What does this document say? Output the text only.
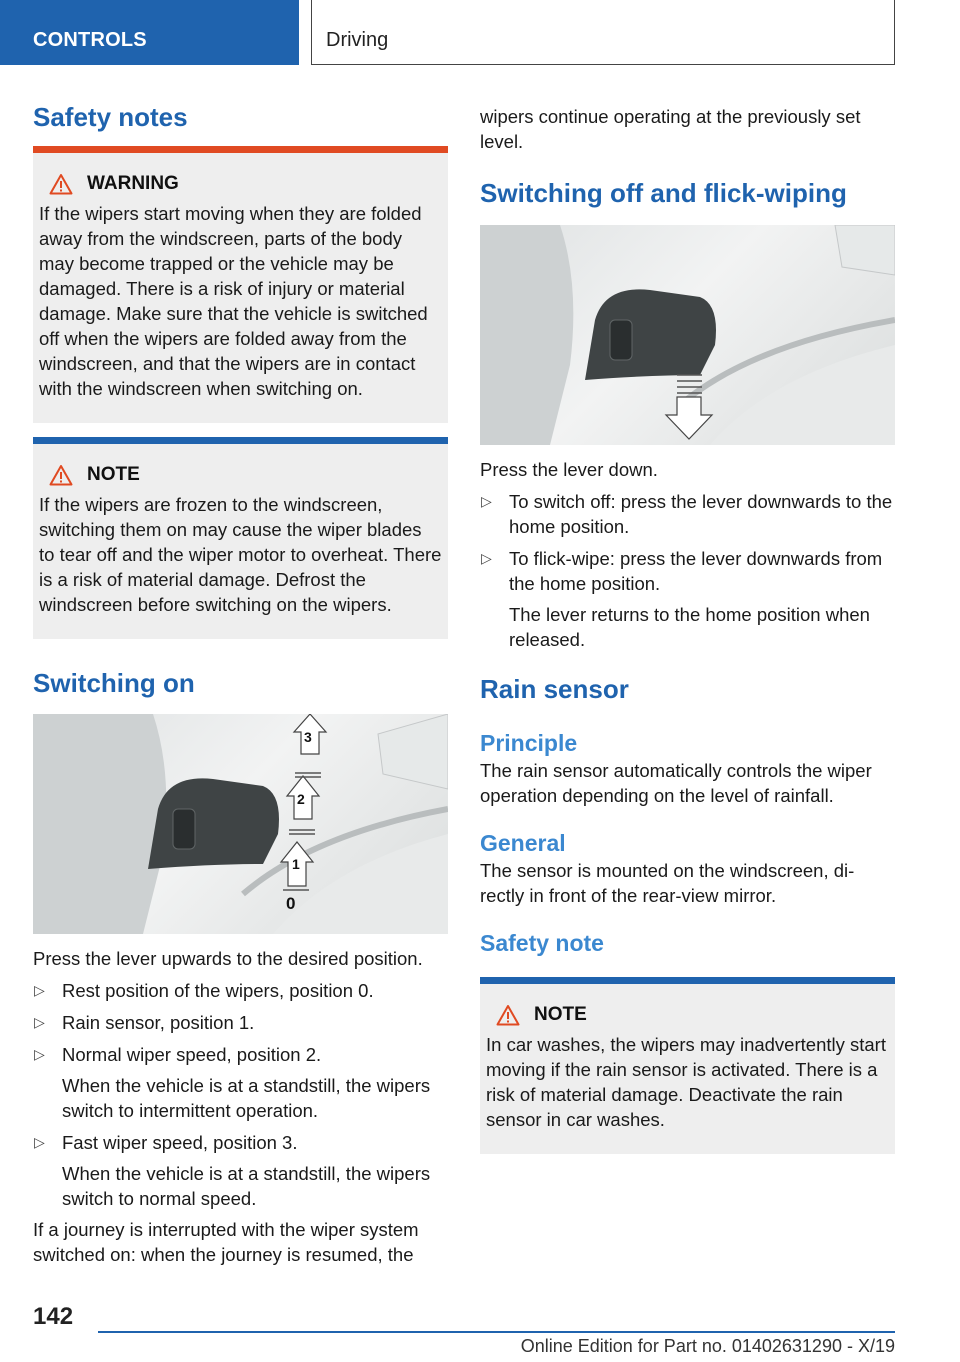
CONTROLS	Driving
Safety notes
WARNING

If the wipers start moving when they are folded away from the windscreen, parts of the body may become trapped or the vehicle may be damaged. There is a risk of injury or material damage. Make sure that the vehicle is switched off when the wipers are folded away from the windscreen, and that the wipers are in contact with the windscreen when switching on.

NOTE

If the wipers are frozen to the windscreen, switching them on may cause the wiper blades to tear off and the wiper motor to overheat. There is a risk of material damage. Defrost the windscreen before switching on the wipers.

Switching on
3
2
1
0

Press the lever upwards to the desired position.

▷ Rest position of the wipers, position 0.
▷ Rain sensor, position 1.
▷ Normal wiper speed, position 2.
When the vehicle is at a standstill, the wipers switch to intermittent operation.
▷ Fast wiper speed, position 3.
When the vehicle is at a standstill, the wipers switch to normal speed.

If a journey is interrupted with the wiper system switched on: when the journey is resumed, the

wipers continue operating at the previously set level.

Switching off and flick-wiping

Press the lever down.

▷ To switch off: press the lever downwards to the home position.
▷ To flick-wipe: press the lever downwards from the home position.
The lever returns to the home position when released.
Rain sensor
Principle

The rain sensor automatically controls the wiper operation depending on the level of rainfall.

General

The sensor is mounted on the windscreen, di-rectly in front of the rear-view mirror.

Safety note
NOTE

In car washes, the wipers may inadvertently start moving if the rain sensor is activated. There is a risk of material damage. Deactivate the rain sensor in car washes.

142
Online Edition for Part no. 01402631290 - X/19
